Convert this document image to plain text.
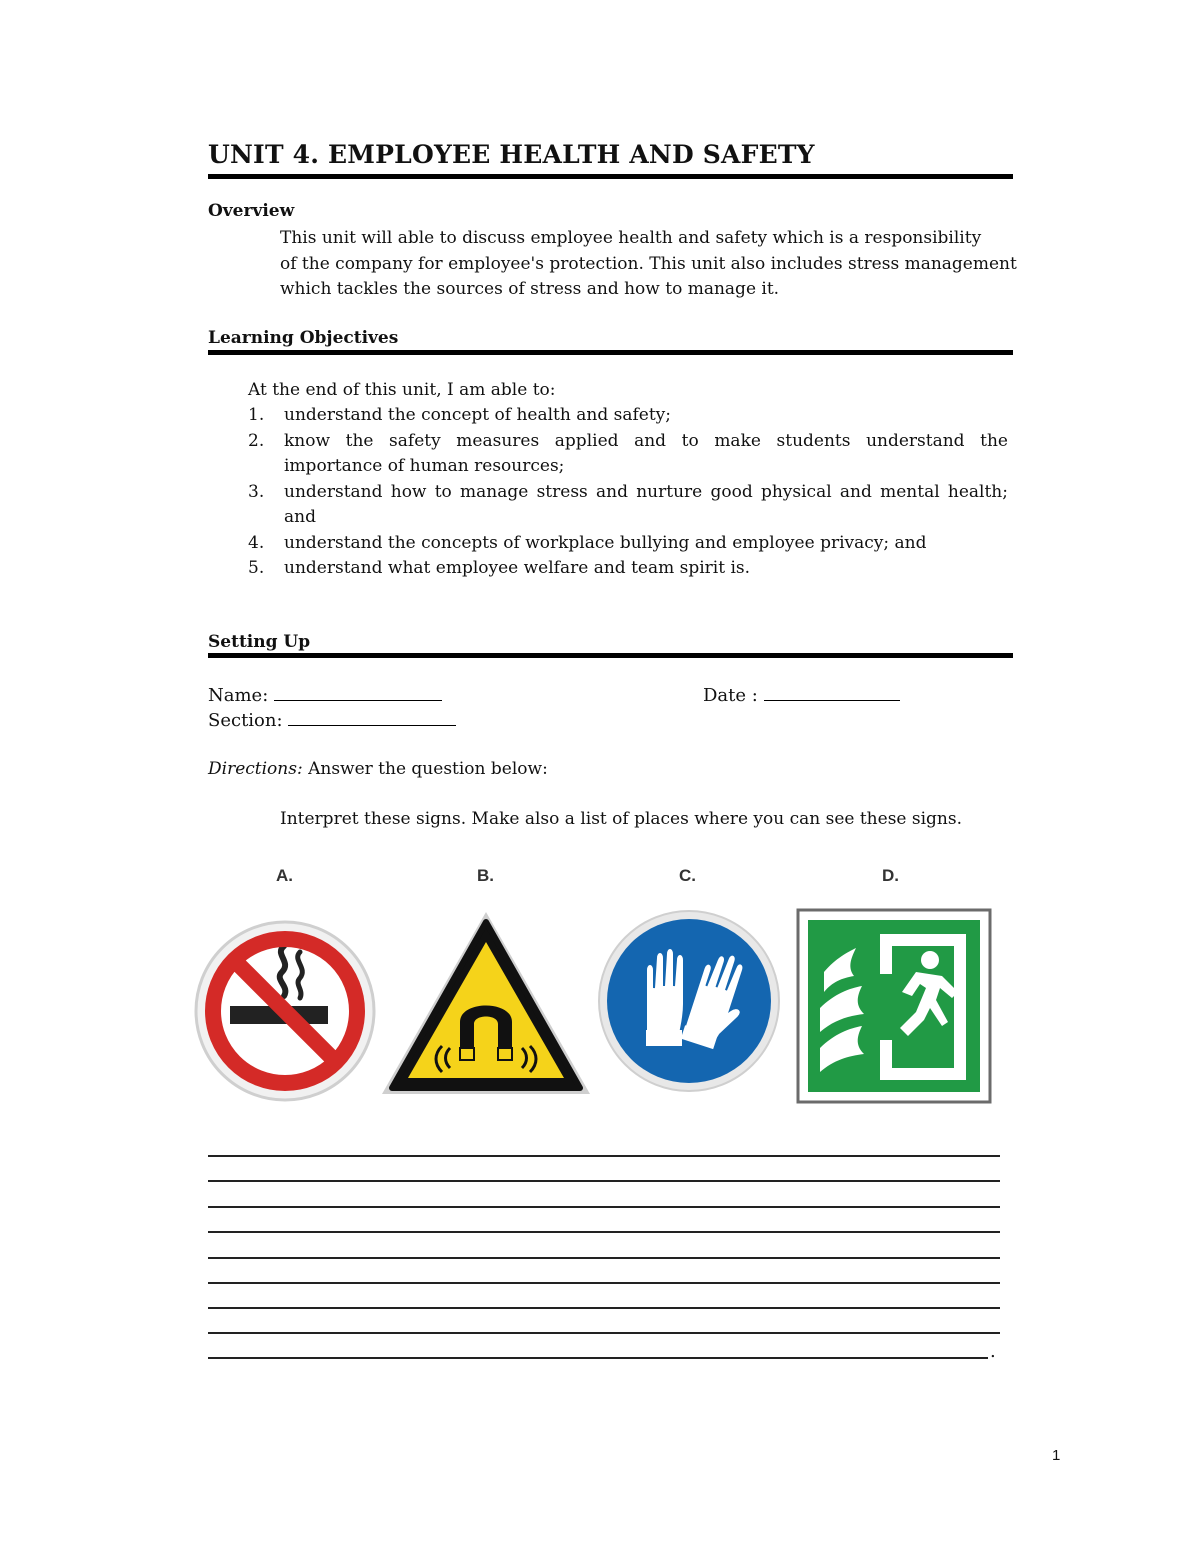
UNIT 4. EMPLOYEE HEALTH AND SAFETY
Overview
This unit will able to discuss employee health and safety which is a responsibility
of the company for employee's protection. This unit also includes stress management
which tackles the sources of stress and how to manage it.
Learning Objectives
At the end of this unit, I am able to:
1. understand the concept of health and safety;
2. know the safety measures applied and to make students understand the importance of human resources;
3. understand how to manage stress and nurture good physical and mental health; and
4. understand the concepts of workplace bullying and employee privacy; and
5. understand what employee welfare and team spirit is.
Setting Up
Name:	Date :
Section:
Directions: Answer the question below:
Interpret these signs. Make also a list of places where you can see these signs.
A.	B.	C.	D.
.
1
